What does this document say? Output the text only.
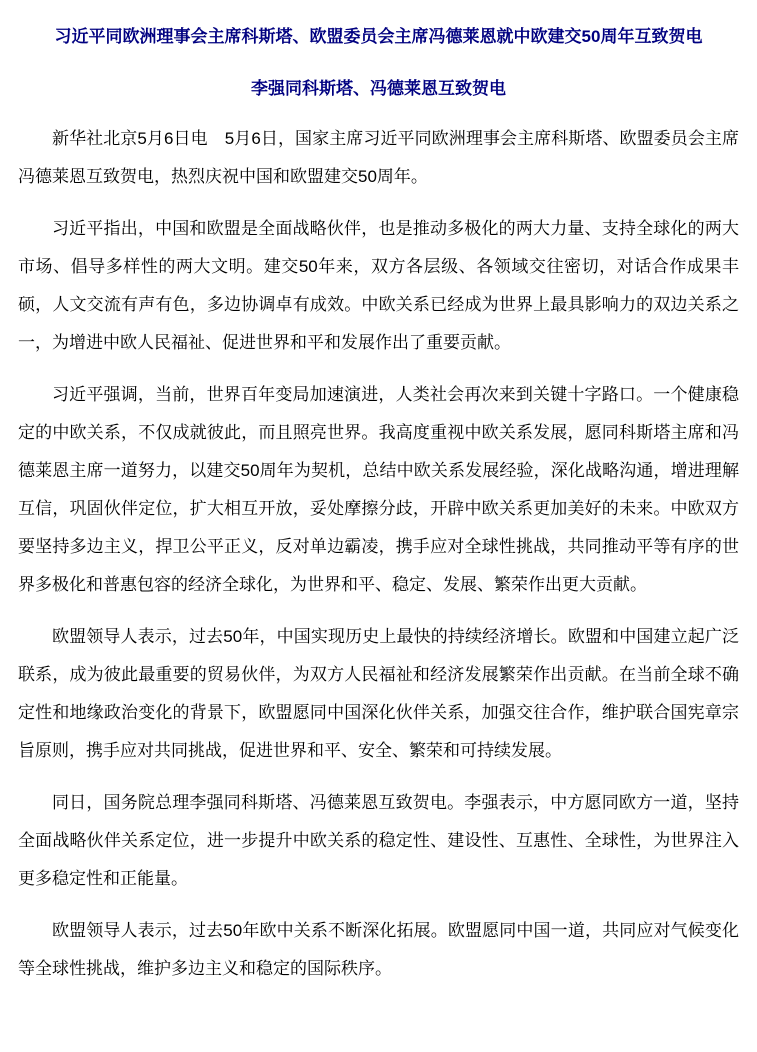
习近平同欧洲理事会主席科斯塔、欧盟委员会主席冯德莱恩就中欧建交50周年互致贺电
李强同科斯塔、冯德莱恩互致贺电

新华社北京5月6日电　5月6日，国家主席习近平同欧洲理事会主席科斯塔、欧盟委员会主席冯德莱恩互致贺电，热烈庆祝中国和欧盟建交50周年。

习近平指出，中国和欧盟是全面战略伙伴，也是推动多极化的两大力量、支持全球化的两大市场、倡导多样性的两大文明。建交50年来，双方各层级、各领域交往密切，对话合作成果丰硕，人文交流有声有色，多边协调卓有成效。中欧关系已经成为世界上最具影响力的双边关系之一，为增进中欧人民福祉、促进世界和平和发展作出了重要贡献。

习近平强调，当前，世界百年变局加速演进，人类社会再次来到关键十字路口。一个健康稳定的中欧关系，不仅成就彼此，而且照亮世界。我高度重视中欧关系发展，愿同科斯塔主席和冯德莱恩主席一道努力，以建交50周年为契机，总结中欧关系发展经验，深化战略沟通，增进理解互信，巩固伙伴定位，扩大相互开放，妥处摩擦分歧，开辟中欧关系更加美好的未来。中欧双方要坚持多边主义，捍卫公平正义，反对单边霸凌，携手应对全球性挑战，共同推动平等有序的世界多极化和普惠包容的经济全球化，为世界和平、稳定、发展、繁荣作出更大贡献。

欧盟领导人表示，过去50年，中国实现历史上最快的持续经济增长。欧盟和中国建立起广泛联系，成为彼此最重要的贸易伙伴，为双方人民福祉和经济发展繁荣作出贡献。在当前全球不确定性和地缘政治变化的背景下，欧盟愿同中国深化伙伴关系，加强交往合作，维护联合国宪章宗旨原则，携手应对共同挑战，促进世界和平、安全、繁荣和可持续发展。

同日，国务院总理李强同科斯塔、冯德莱恩互致贺电。李强表示，中方愿同欧方一道，坚持全面战略伙伴关系定位，进一步提升中欧关系的稳定性、建设性、互惠性、全球性，为世界注入更多稳定性和正能量。

欧盟领导人表示，过去50年欧中关系不断深化拓展。欧盟愿同中国一道，共同应对气候变化等全球性挑战，维护多边主义和稳定的国际秩序。
